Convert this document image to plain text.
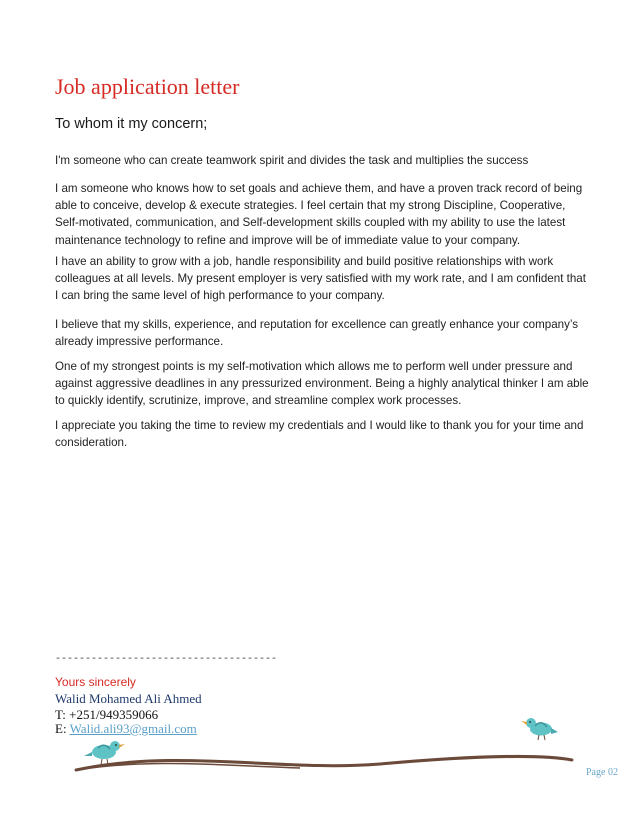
Job application letter
To whom it my concern;

I'm someone who can create teamwork spirit and divides the task and multiplies the success

I am someone who knows how to set goals and achieve them, and have a proven track record of being able to conceive, develop & execute strategies. I feel certain that my strong Discipline, Cooperative, Self-motivated, communication, and Self-development skills coupled with my ability to use the latest maintenance technology to refine and improve will be of immediate value to your company.

I have an ability to grow with a job, handle responsibility and build positive relationships with work colleagues at all levels. My present employer is very satisfied with my work rate, and I am confident that I can bring the same level of high performance to your company.

I believe that my skills, experience, and reputation for excellence can greatly enhance your company’s already impressive performance.

One of my strongest points is my self-motivation which allows me to perform well under pressure and against aggressive deadlines in any pressurized environment. Being a highly analytical thinker I am able to quickly identify, scrutinize, improve, and streamline complex work processes.

I appreciate you taking the time to review my credentials and I would like to thank you for your time and consideration.

-------------------------------------
Yours sincerely
Walid Mohamed Ali Ahmed
T: +251/949359066
E: Walid.ali93@gmail.com
Page 02
